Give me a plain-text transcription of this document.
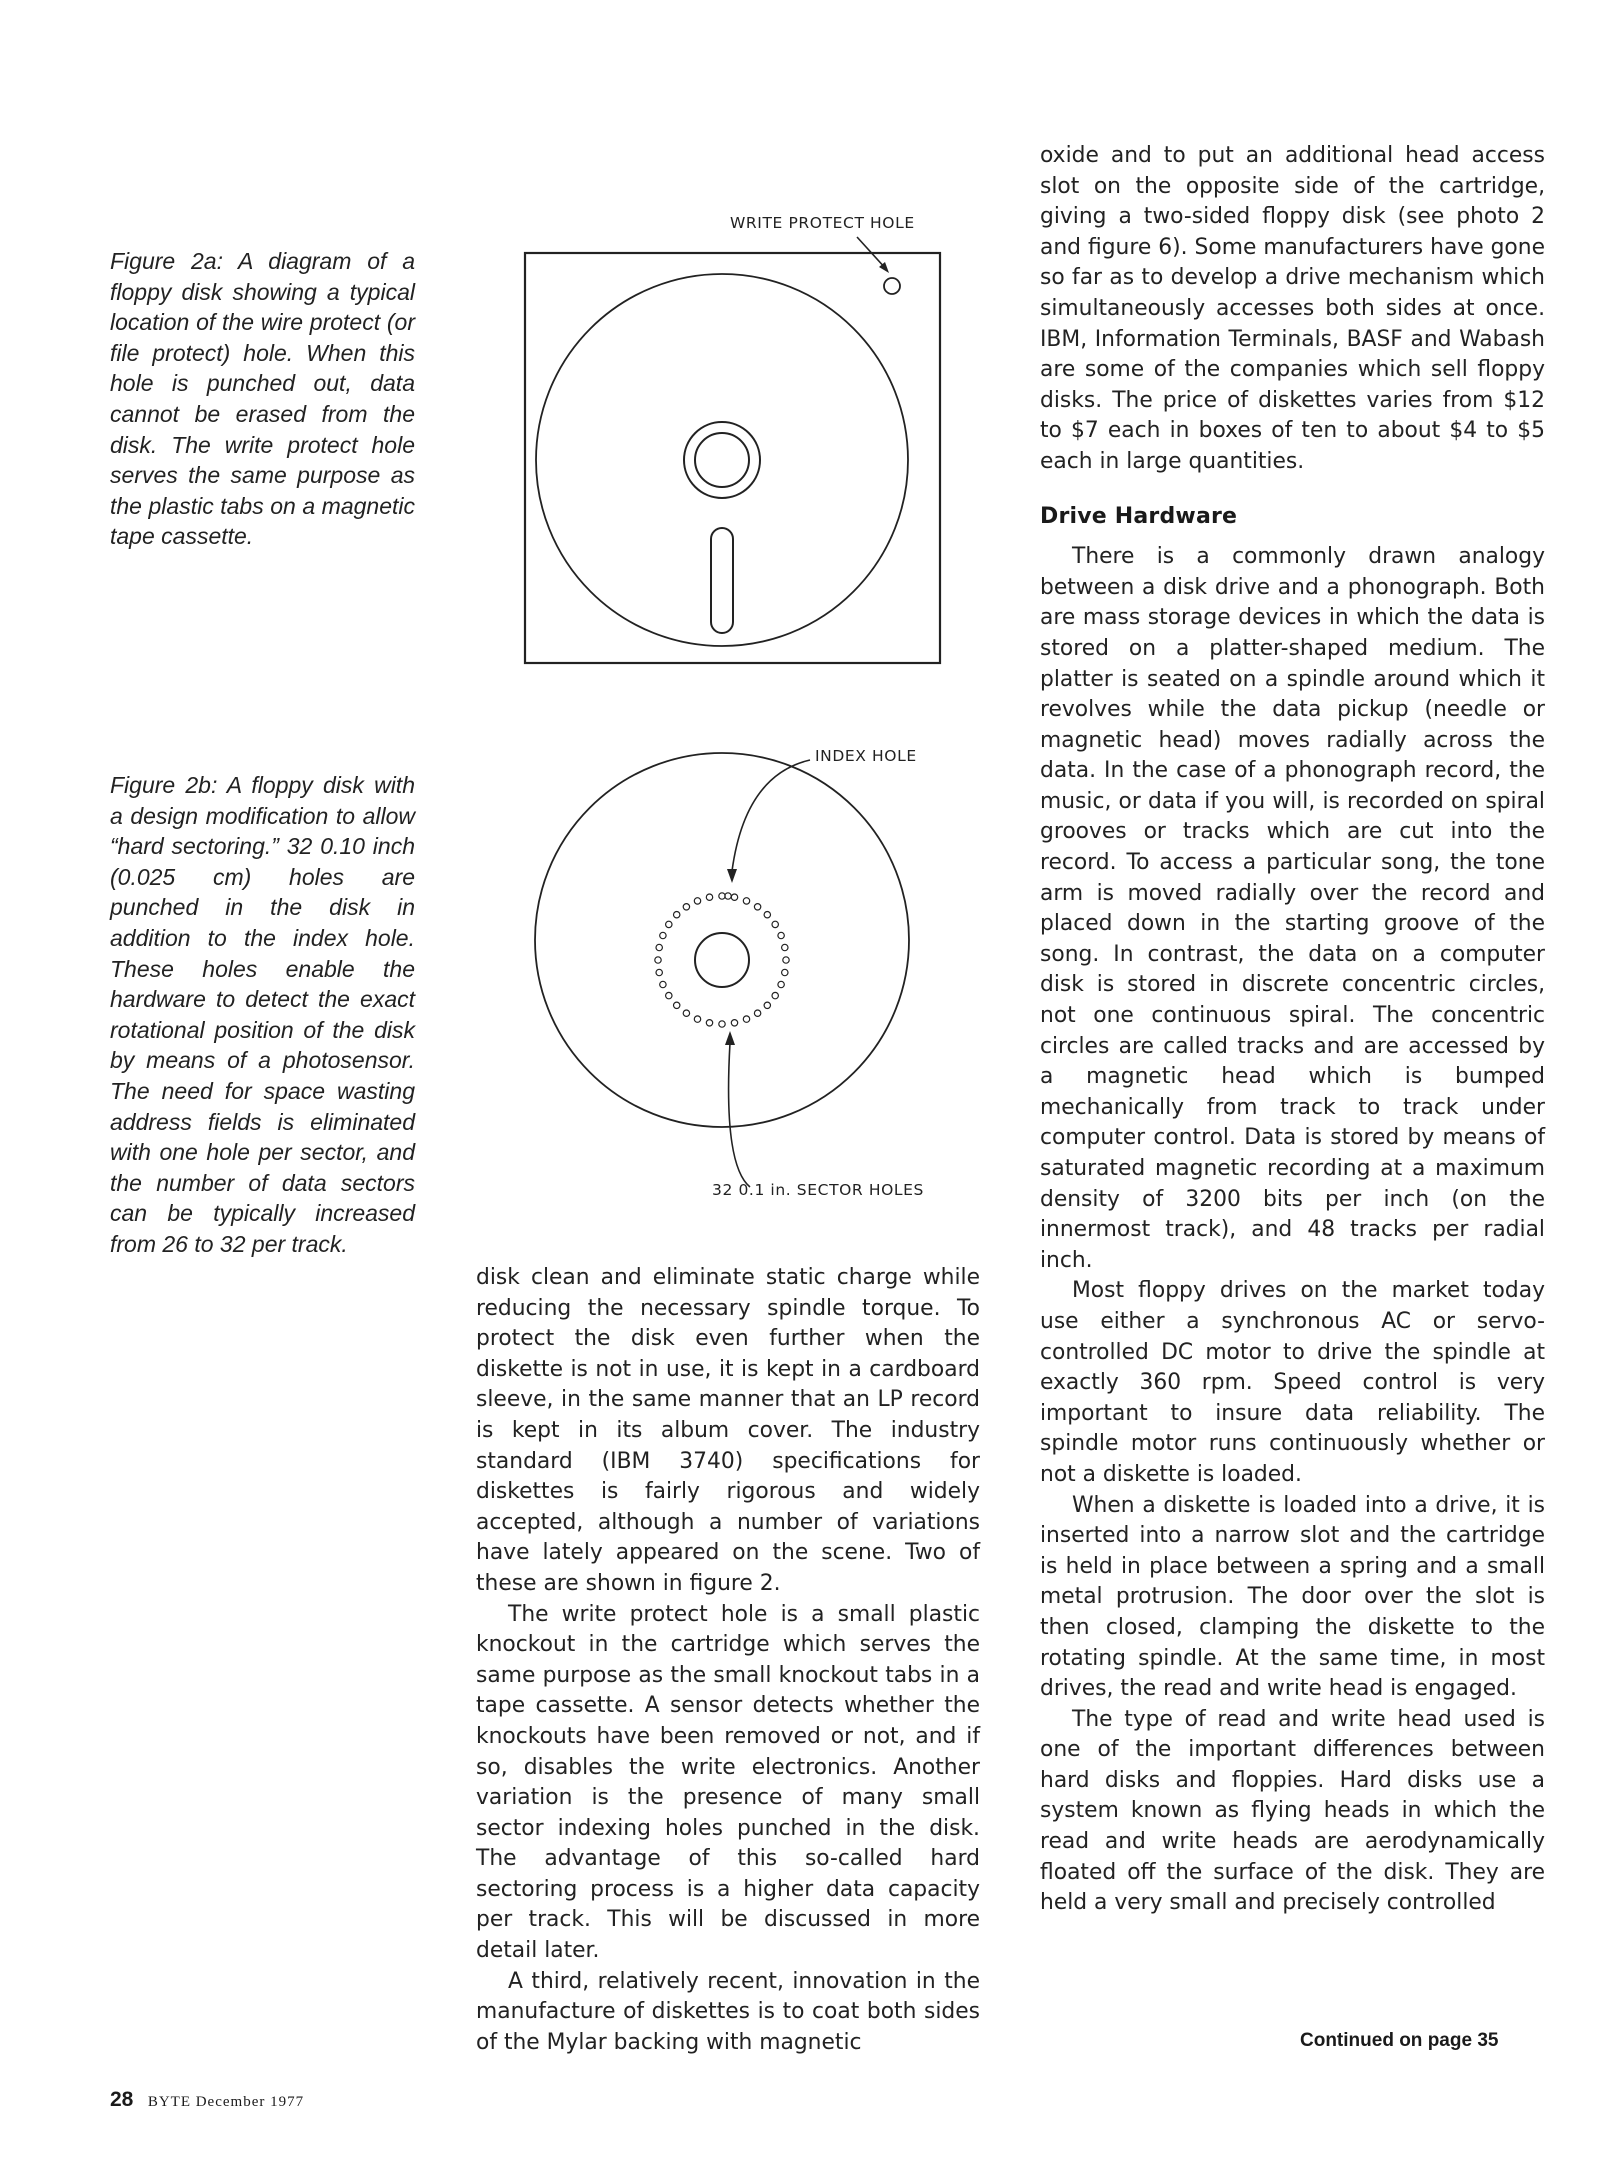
Figure 2a: A diagram of a floppy disk showing a typical location of the wire protect (or file protect) hole. When this hole is punched out, data cannot be erased from the disk. The write protect hole serves the same purpose as the plastic tabs on a magnetic tape cassette.
Figure 2b: A floppy disk with a design modification to allow “hard sectoring.” 32 0.10 inch (0.025 cm) holes are punched in the disk in addition to the index hole. These holes enable the hardware to detect the exact rotational position of the disk by means of a photosensor. The need for space wasting address fields is eliminated with one hole per sector, and the number of data sectors can be typically increased from 26 to 32 per track.
WRITE PROTECT HOLE
INDEX HOLE
32 0.1 in. SECTOR HOLES

disk clean and eliminate static charge while reducing the necessary spindle torque. To protect the disk even further when the diskette is not in use, it is kept in a cardboard sleeve, in the same manner that an LP record is kept in its album cover. The industry standard (IBM 3740) specifications for diskettes is fairly rigorous and widely accepted, although a number of variations have lately appeared on the scene. Two of these are shown in figure 2.

The write protect hole is a small plastic knockout in the cartridge which serves the same purpose as the small knockout tabs in a tape cassette. A sensor detects whether the knockouts have been removed or not, and if so, disables the write electronics. Another variation is the presence of many small sector indexing holes punched in the disk. The advantage of this so-called hard sectoring process is a higher data capacity per track. This will be discussed in more detail later.

A third, relatively recent, innovation in the manufacture of diskettes is to coat both sides of the Mylar backing with magnetic

oxide and to put an additional head access slot on the opposite side of the cartridge, giving a two-sided floppy disk (see photo 2 and figure 6). Some manufacturers have gone so far as to develop a drive mechanism which simultaneously accesses both sides at once. IBM, Information Terminals, BASF and Wabash are some of the companies which sell floppy disks. The price of diskettes varies from $12 to $7 each in boxes of ten to about $4 to $5 each in large quantities.

Drive Hardware

There is a commonly drawn analogy between a disk drive and a phonograph. Both are mass storage devices in which the data is stored on a platter-shaped medium. The platter is seated on a spindle around which it revolves while the data pickup (needle or magnetic head) moves radially across the data. In the case of a phonograph record, the music, or data if you will, is recorded on spiral grooves or tracks which are cut into the record. To access a particular song, the tone arm is moved radially over the record and placed down in the starting groove of the song. In contrast, the data on a computer disk is stored in discrete concentric circles, not one continuous spiral. The concentric circles are called tracks and are accessed by a magnetic head which is bumped mechanically from track to track under computer control. Data is stored by means of saturated magnetic recording at a maximum density of 3200 bits per inch (on the innermost track), and 48 tracks per radial inch.

Most floppy drives on the market today use either a synchronous AC or servo-controlled DC motor to drive the spindle at exactly 360 rpm. Speed control is very important to insure data reliability. The spindle motor runs continuously whether or not a diskette is loaded.

When a diskette is loaded into a drive, it is inserted into a narrow slot and the cartridge is held in place between a spring and a small metal protrusion. The door over the slot is then closed, clamping the diskette to the rotating spindle. At the same time, in most drives, the read and write head is engaged.

The type of read and write head used is one of the important differences between hard disks and floppies. Hard disks use a system known as flying heads in which the read and write heads are aerodynamically floated off the surface of the disk. They are held a very small and precisely controlled

Continued on page 35
28 BYTE December 1977
